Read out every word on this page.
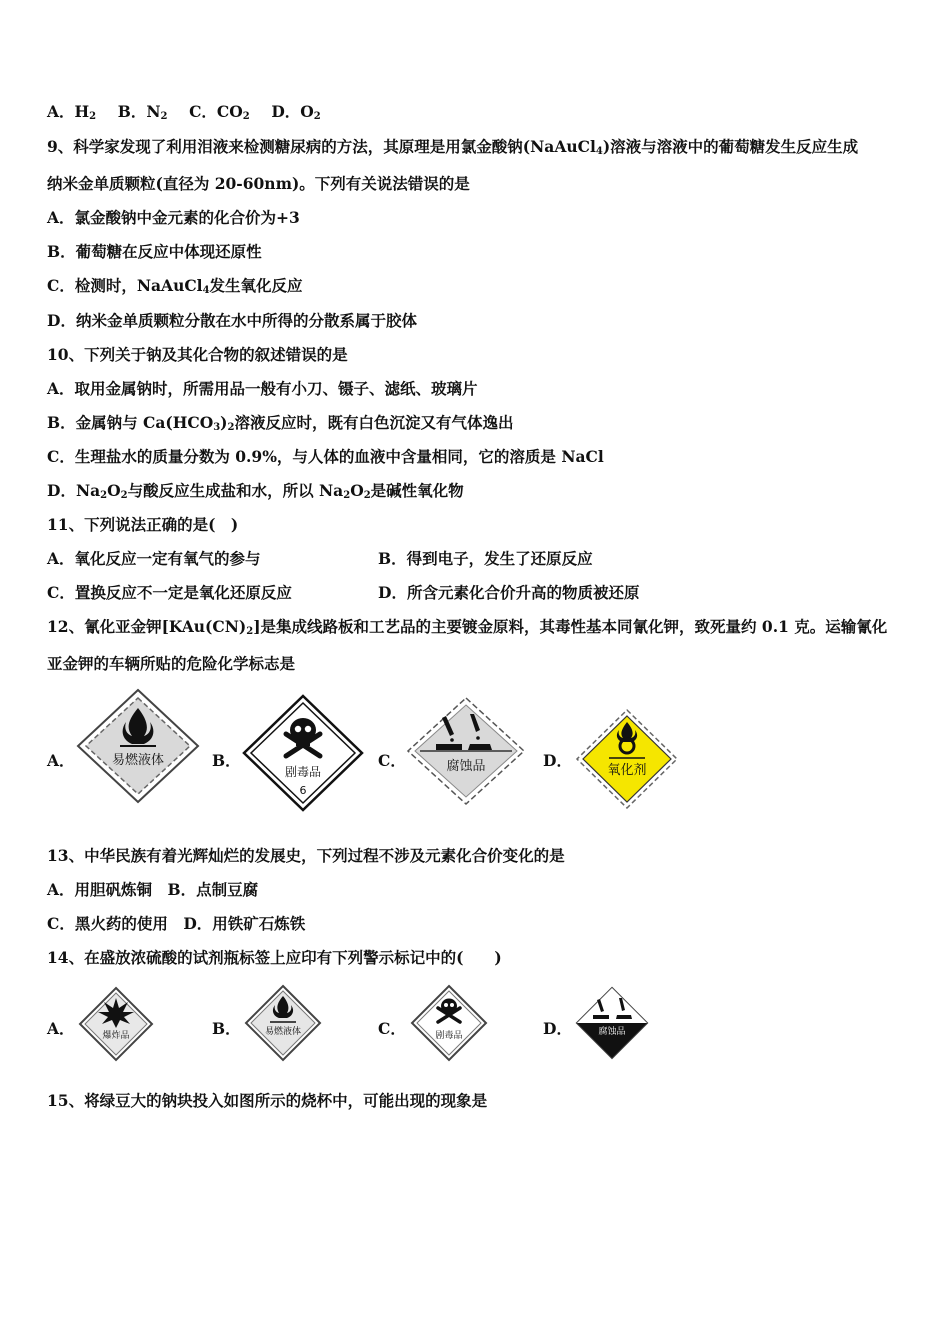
A．$H_2$ B．$N_2$ C．$CO_2$ D．$O_2$
9、科学家发现了利用泪液来检测糖尿病的方法，其原理是用氯金酸钠(NaAuCl$_4$)溶液与溶液中的葡萄糖发生反应生成
纳米金单质颗粒(直径为 20-60nm)。下列有关说法错误的是
A．氯金酸钠中金元素的化合价为+3
B．葡萄糖在反应中体现还原性
C．检测时，NaAuCl$_4$发生氧化反应
D．纳米金单质颗粒分散在水中所得的分散系属于胶体
10、下列关于钠及其化合物的叙述错误的是
A．取用金属钠时，所需用品一般有小刀、镊子、滤纸、玻璃片
B．金属钠与 $Ca(HCO_3)_2$溶液反应时，既有白色沉淀又有气体逸出
C．生理盐水的质量分数为 0.9%，与人体的血液中含量相同，它的溶质是 NaCl
D．$Na_2O_2$与酸反应生成盐和水，所以 $Na_2O_2$是碱性氧化物
11、下列说法正确的是(　)
A．氧化反应一定有氧气的参与	B．得到电子，发生了还原反应
C．置换反应不一定是氧化还原反应	D．所含元素化合价升高的物质被还原
12、氰化亚金钾$[KAu(CN)_2]$是集成线路板和工艺品的主要镀金原料，其毒性基本同氰化钾，致死量约 0.1 克。运输氰化
亚金钾的车辆所贴的危险化学标志是
A．	B．	C．	D．
易燃液体
剧毒品
6
腐蚀品	氧化剂
13、中华民族有着光辉灿烂的发展史，下列过程不涉及元素化合价变化的是
A．用胆矾炼铜　B．点制豆腐
C．黑火药的使用　D．用铁矿石炼铁
14、在盛放浓硫酸的试剂瓶标签上应印有下列警示标记中的(　　)
A．	B．	C．	D．
爆炸品	易燃液体	剧毒品	腐蚀品
15、将绿豆大的钠块投入如图所示的烧杯中，可能出现的现象是
